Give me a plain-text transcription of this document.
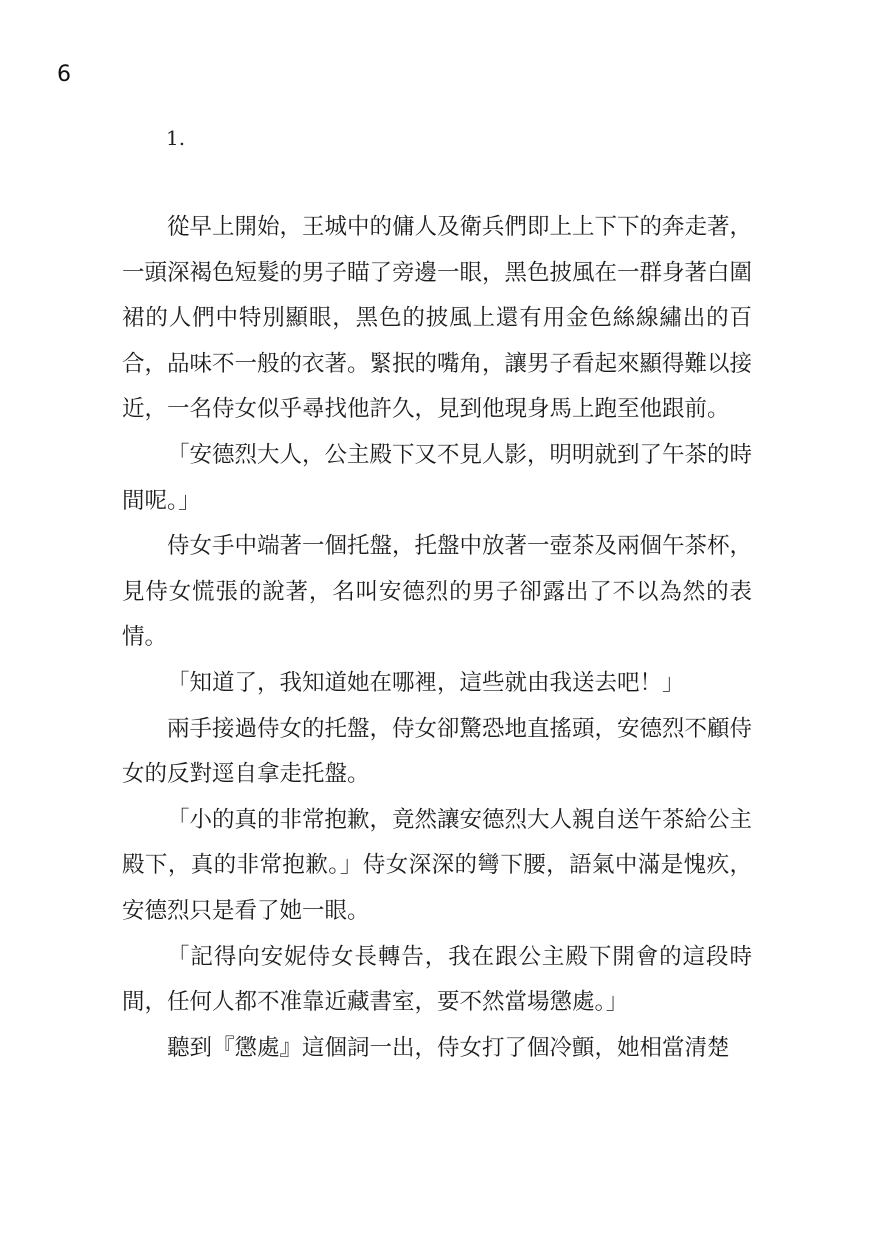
6
1.

從早上開始，王城中的傭人及衛兵們即上上下下的奔走著，一頭深褐色短髮的男子瞄了旁邊一眼，黑色披風在一群身著白圍裙的人們中特別顯眼，黑色的披風上還有用金色絲線繡出的百合，品味不一般的衣著。緊抿的嘴角，讓男子看起來顯得難以接近，一名侍女似乎尋找他許久，見到他現身馬上跑至他跟前。

「安德烈大人，公主殿下又不見人影，明明就到了午茶的時間呢。」

侍女手中端著一個托盤，托盤中放著一壺茶及兩個午茶杯，見侍女慌張的說著，名叫安德烈的男子卻露出了不以為然的表情。

「知道了，我知道她在哪裡，這些就由我送去吧！」

兩手接過侍女的托盤，侍女卻驚恐地直搖頭，安德烈不顧侍女的反對逕自拿走托盤。

「小的真的非常抱歉，竟然讓安德烈大人親自送午茶給公主殿下，真的非常抱歉。」侍女深深的彎下腰，語氣中滿是愧疚，安德烈只是看了她一眼。

「記得向安妮侍女長轉告，我在跟公主殿下開會的這段時間，任何人都不准靠近藏書室，要不然當場懲處。」

聽到『懲處』這個詞一出，侍女打了個冷顫，她相當清楚
